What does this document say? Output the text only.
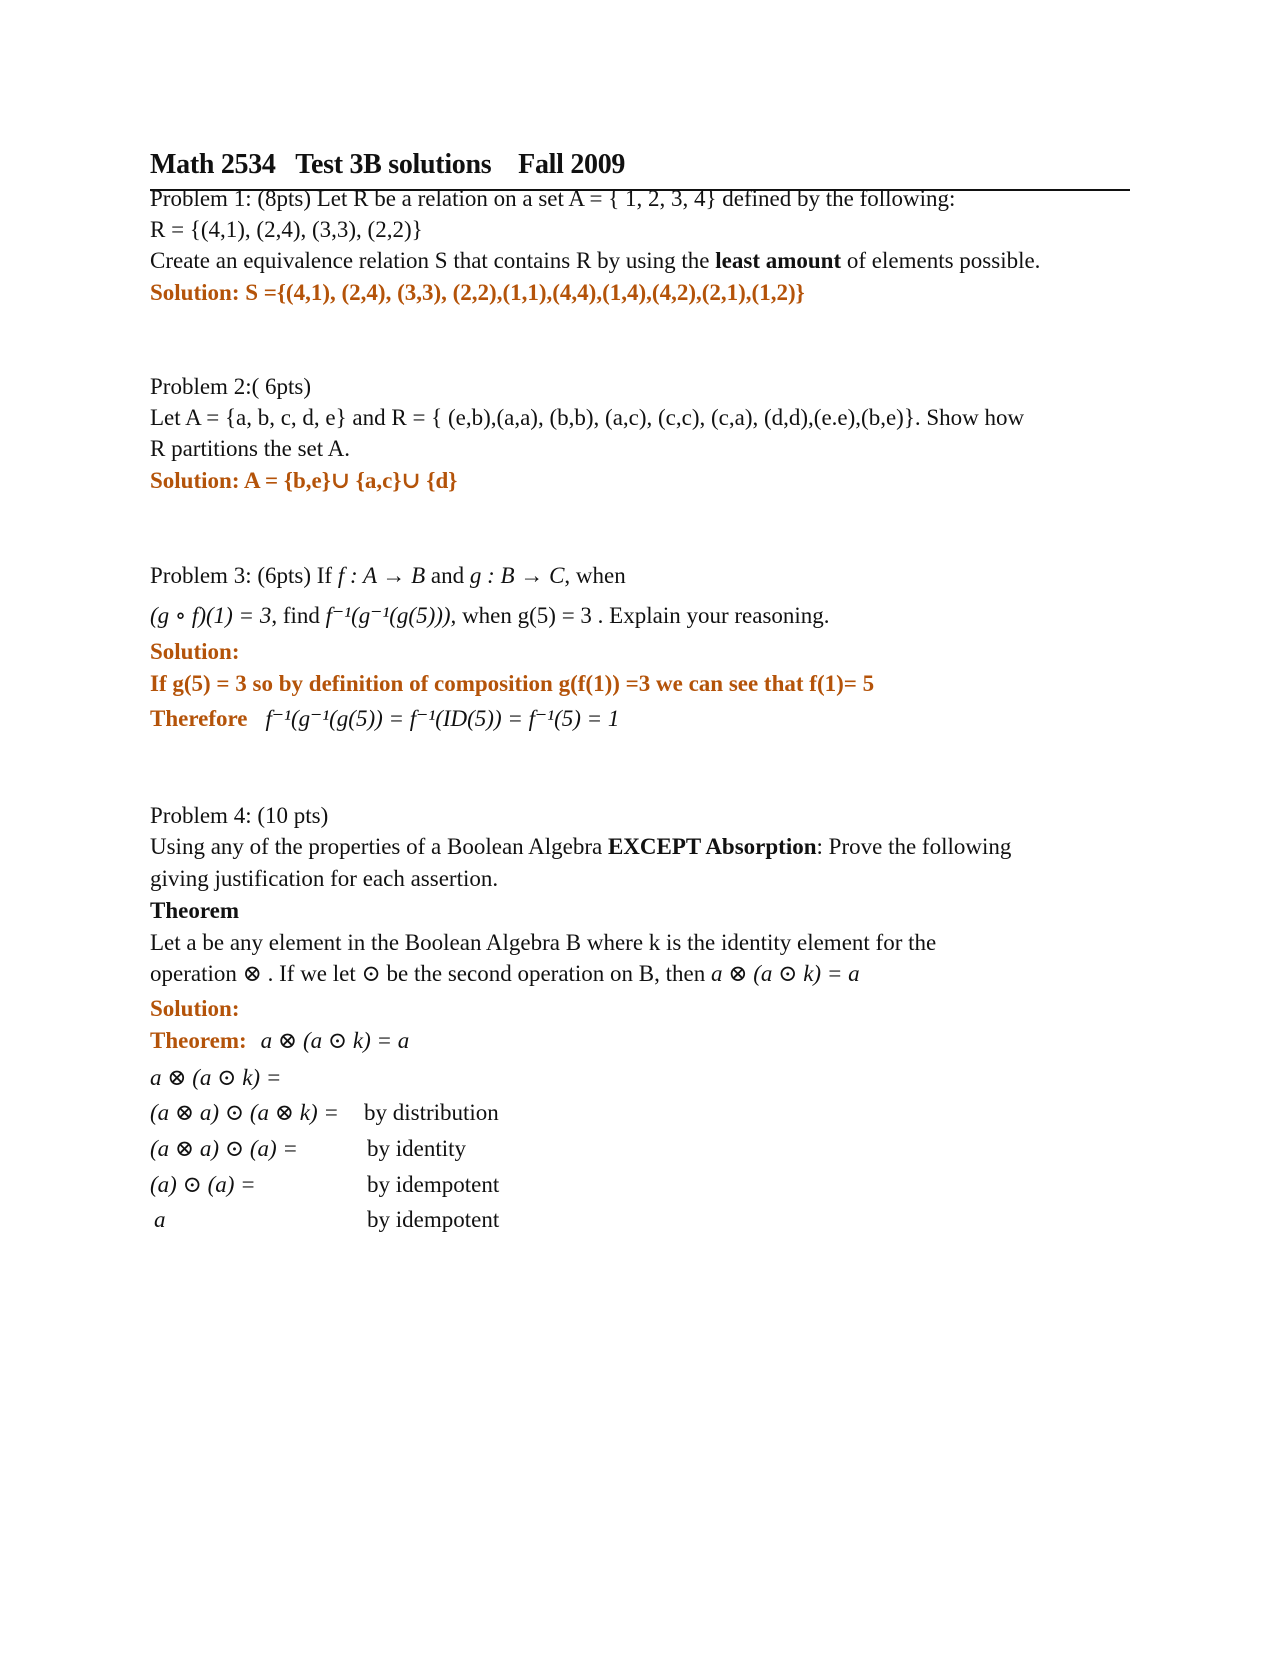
Math 2534   Test 3B solutions    Fall 2009
Problem 1: (8pts) Let R be a relation on a set A = { 1, 2, 3, 4} defined by the following:
R = {(4,1), (2,4), (3,3), (2,2)}
Create an equivalence relation S that contains R by using the least amount of elements possible.
Solution: S ={(4,1), (2,4), (3,3), (2,2),(1,1),(4,4),(1,4),(4,2),(2,1),(1,2)}
Problem 2:( 6pts)
Let A = {a, b, c, d, e} and R = { (e,b),(a,a), (b,b), (a,c), (c,c), (c,a), (d,d),(e.e),(b,e)}. Show how
R partitions the set A.
Solution: A = {b,e}∪ {a,c}∪ {d}
Problem 3: (6pts) If f : A → B and g : B → C, when
(g ∘ f)(1) = 3, find f⁻¹(g⁻¹(g(5))), when g(5) = 3 . Explain your reasoning.
Solution:
If g(5) = 3 so by definition of composition g(f(1)) =3 we can see that f(1)= 5
Therefore f⁻¹(g⁻¹(g(5)) = f⁻¹(ID(5)) = f⁻¹(5) = 1
Problem 4: (10 pts)
Using any of the properties of a Boolean Algebra EXCEPT Absorption: Prove the following
giving justification for each assertion.
Theorem
Let a be any element in the Boolean Algebra B where k is the identity element for the
operation ⊗ . If we let ⊙ be the second operation on B, then a ⊗ (a ⊙ k) = a
Solution:
Theorem: a ⊗ (a ⊙ k) = a
a ⊗ (a ⊙ k) =
(a ⊗ a) ⊙ (a ⊗ k) = by distribution
(a ⊗ a) ⊙ (a) =	by identity
(a) ⊙ (a) =	by idempotent
a	by idempotent
